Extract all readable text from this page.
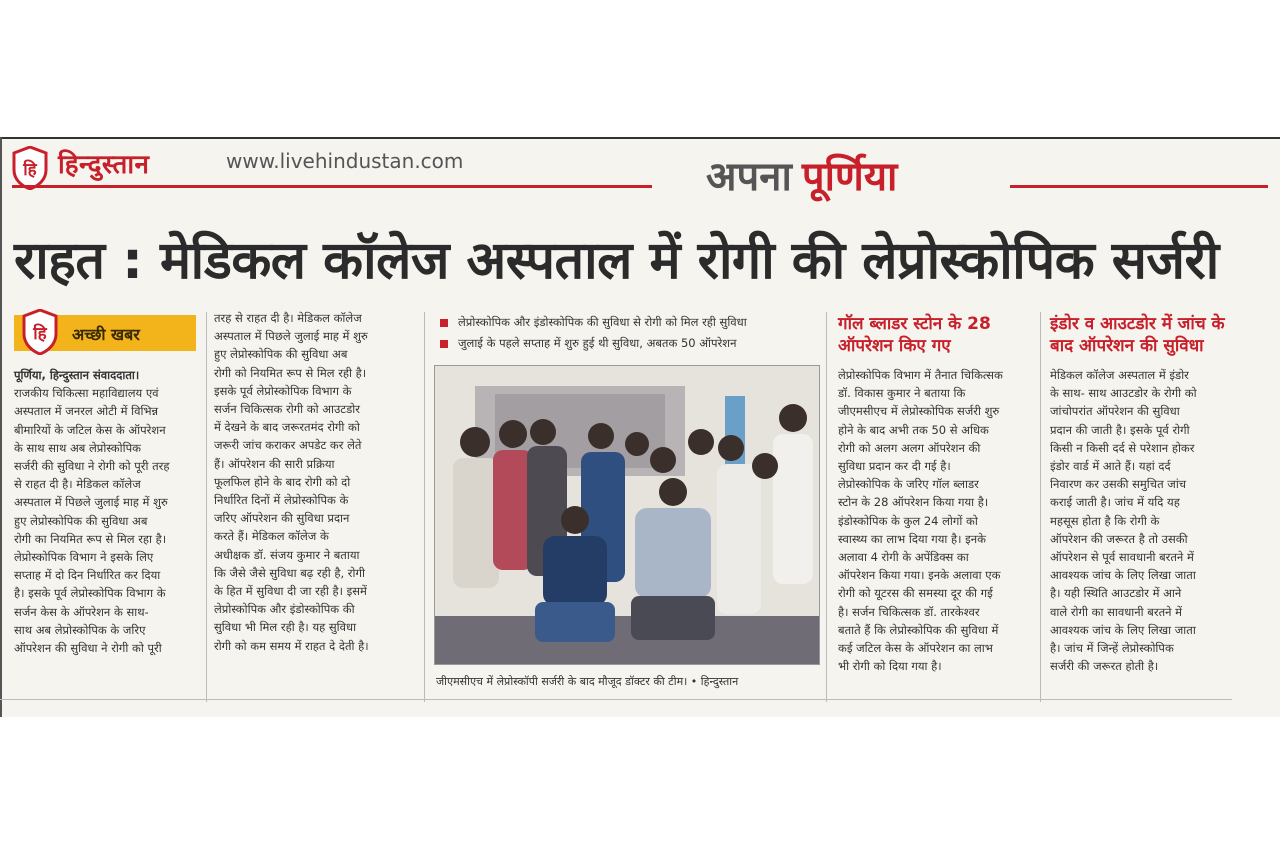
हि हिन्दुस्तान	www.livehindustan.com	अपना पूर्णिया
राहत : मेडिकल कॉलेज अस्पताल में रोगी की लेप्रोस्कोपिक सर्जरी
हि अच्छी खबर
पूर्णिया, हिन्दुस्तान संवाददाता।
राजकीय चिकित्सा महाविद्यालय एवं
अस्पताल में जनरल ओटी में विभिन्न
बीमारियों के जटिल केस के ऑपरेशन
के साथ साथ अब लेप्रोस्कोपिक
सर्जरी की सुविधा ने रोगी को पूरी तरह
से राहत दी है। मेडिकल कॉलेज
अस्पताल में पिछले जुलाई माह में शुरु
हुए लेप्रोस्कोपिक की सुविधा अब
रोगी का नियमित रूप से मिल रहा है।
लेप्रोस्कोपिक विभाग ने इसके लिए
सप्ताह में दो दिन निर्धारित कर दिया
है। इसके पूर्व लेप्रोस्कोपिक विभाग के
सर्जन केस के ऑपरेशन के साथ-
साथ अब लेप्रोस्कोपिक के जरिए
ऑपरेशन की सुविधा ने रोगी को पूरी
तरह से राहत दी है। मेडिकल कॉलेज
अस्पताल में पिछले जुलाई माह में शुरु
हुए लेप्रोस्कोपिक की सुविधा अब
रोगी को नियमित रूप से मिल रही है।
इसके पूर्व लेप्रोस्कोपिक विभाग के
सर्जन चिकित्सक रोगी को आउटडोर
में देखने के बाद जरूरतमंद रोगी को
जरूरी जांच कराकर अपडेट कर लेते
हैं। ऑपरेशन की सारी प्रक्रिया
फूलफिल होने के बाद रोगी को दो
निर्धारित दिनों में लेप्रोस्कोपिक के
जरिए ऑपरेशन की सुविधा प्रदान
करते हैं। मेडिकल कॉलेज के
अधीक्षक डॉ. संजय कुमार ने बताया
कि जैसे जैसे सुविधा बढ़ रही है, रोगी
के हित में सुविधा दी जा रही है। इसमें
लेप्रोस्कोपिक और इंडोस्कोपिक की
सुविधा भी मिल रही है। यह सुविधा
रोगी को कम समय में राहत दे देती है।
लेप्रोस्कोपिक और इंडोस्कोपिक की सुविधा से रोगी को मिल रही सुविधा
जुलाई के पहले सप्ताह में शुरु हुई थी सुविधा, अबतक 50 ऑपरेशन
जीएमसीएच में लेप्रोस्कॉपी सर्जरी के बाद मौजूद डॉक्टर की टीम। • हिन्दुस्तान
गॉल ब्लाडर स्टोन के 28
ऑपरेशन किए गए
लेप्रोस्कोपिक विभाग में तैनात चिकित्सक
डॉ. विकास कुमार ने बताया कि
जीएमसीएच में लेप्रोस्कोपिक सर्जरी शुरु
होने के बाद अभी तक 50 से अधिक
रोगी को अलग अलग ऑपरेशन की
सुविधा प्रदान कर दी गई है।
लेप्रोस्कोपिक के जरिए गॉल ब्लाडर
स्टोन के 28 ऑपरेशन किया गया है।
इंडोस्कोपिक के कुल 24 लोगों को
स्वास्थ्य का लाभ दिया गया है। इनके
अलावा 4 रोगी के अपेंडिक्स का
ऑपरेशन किया गया। इनके अलावा एक
रोगी को यूटरस की समस्या दूर की गई
है। सर्जन चिकित्सक डॉ. तारकेश्वर
बताते हैं कि लेप्रोस्कोपिक की सुविधा में
कई जटिल केस के ऑपरेशन का लाभ
भी रोगी को दिया गया है।
इंडोर व आउटडोर में जांच के
बाद ऑपरेशन की सुविधा
मेडिकल कॉलेज अस्पताल में इंडोर
के साथ- साथ आउटडोर के रोगी को
जांचोपरांत ऑपरेशन की सुविधा
प्रदान की जाती है। इसके पूर्व रोगी
किसी न किसी दर्द से परेशान होकर
इंडोर वार्ड में आते हैं। यहां दर्द
निवारण कर उसकी समुचित जांच
कराई जाती है। जांच में यदि यह
महसूस होता है कि रोगी के
ऑपरेशन की जरूरत है तो उसकी
ऑपरेशन से पूर्व सावधानी बरतने में
आवश्यक जांच के लिए लिखा जाता
है। यही स्थिति आउटडोर में आने
वाले रोगी का सावधानी बरतने में
आवश्यक जांच के लिए लिखा जाता
है। जांच में जिन्हें लेप्रोस्कोपिक
सर्जरी की जरूरत होती है।
